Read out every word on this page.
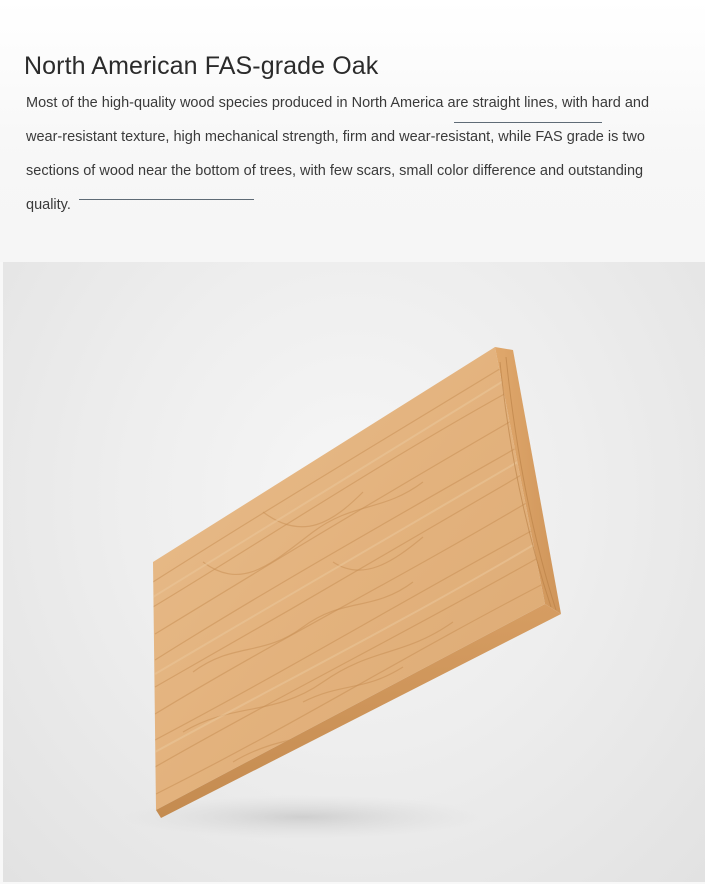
North American FAS-grade Oak

Most of the high-quality wood species produced in North America are straight lines, with hard and wear-resistant texture, high mechanical strength, firm and wear-resistant, while FAS grade is two sections of wood near the bottom of trees, with few scars, small color difference and outstanding quality.
